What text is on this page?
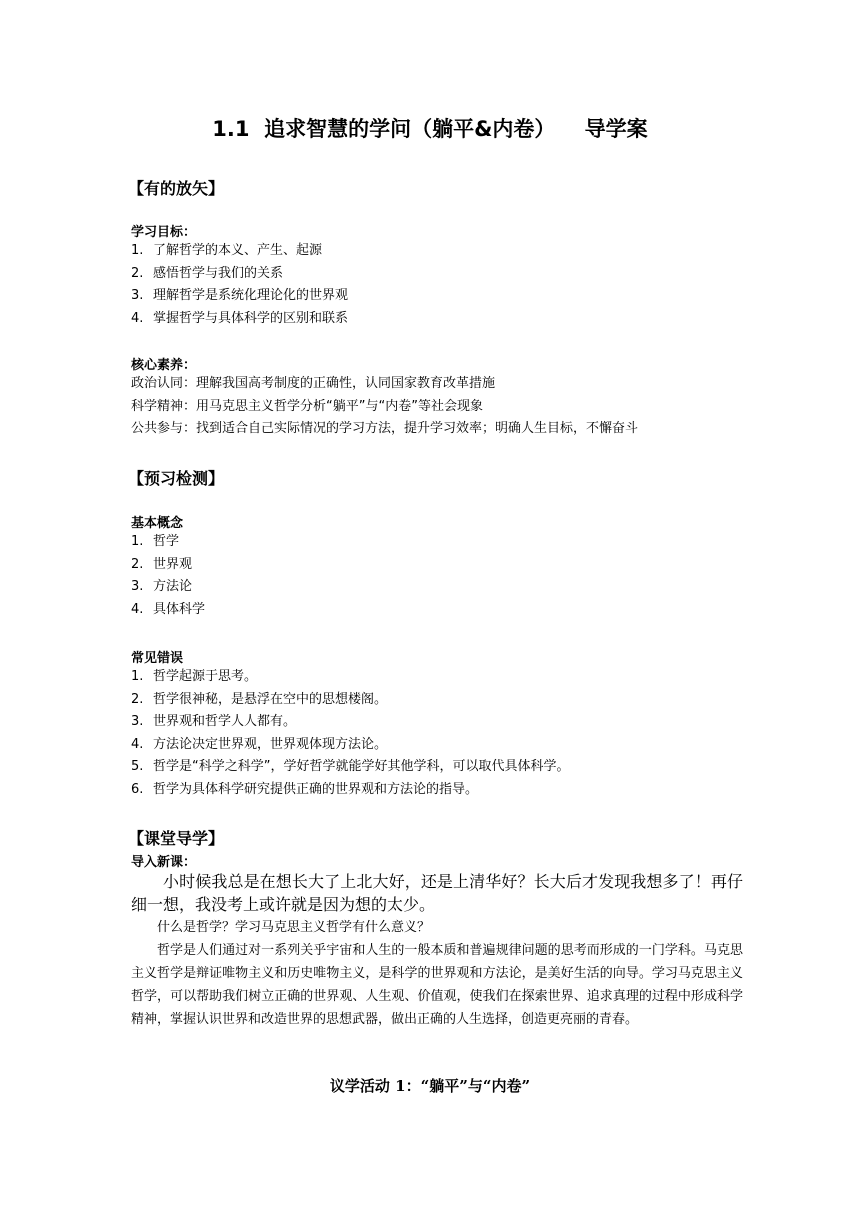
1.1  追求智慧的学问（躺平&内卷）    导学案
【有的放矢】
学习目标：
1. 了解哲学的本义、产生、起源
2. 感悟哲学与我们的关系
3. 理解哲学是系统化理论化的世界观
4. 掌握哲学与具体科学的区别和联系
核心素养：
政治认同：理解我国高考制度的正确性，认同国家教育改革措施
科学精神：用马克思主义哲学分析“躺平”与“内卷”等社会现象
公共参与：找到适合自己实际情况的学习方法，提升学习效率；明确人生目标，不懈奋斗
【预习检测】
基本概念
1. 哲学
2. 世界观
3. 方法论
4. 具体科学
常见错误
1. 哲学起源于思考。
2. 哲学很神秘，是悬浮在空中的思想楼阁。
3. 世界观和哲学人人都有。
4. 方法论决定世界观，世界观体现方法论。
5. 哲学是“科学之科学”，学好哲学就能学好其他学科，可以取代具体科学。
6. 哲学为具体科学研究提供正确的世界观和方法论的指导。
【课堂导学】
导入新课：
小时候我总是在想长大了上北大好，还是上清华好？长大后才发现我想多了！再仔细一想，我没考上或许就是因为想的太少。
什么是哲学？学习马克思主义哲学有什么意义？
哲学是人们通过对一系列关乎宇宙和人生的一般本质和普遍规律问题的思考而形成的一门学科。马克思主义哲学是辩证唯物主义和历史唯物主义，是科学的世界观和方法论，是美好生活的向导。学习马克思主义哲学，可以帮助我们树立正确的世界观、人生观、价值观，使我们在探索世界、追求真理的过程中形成科学精神，掌握认识世界和改造世界的思想武器，做出正确的人生选择，创造更亮丽的青春。
议学活动 1：“躺平”与“内卷”
